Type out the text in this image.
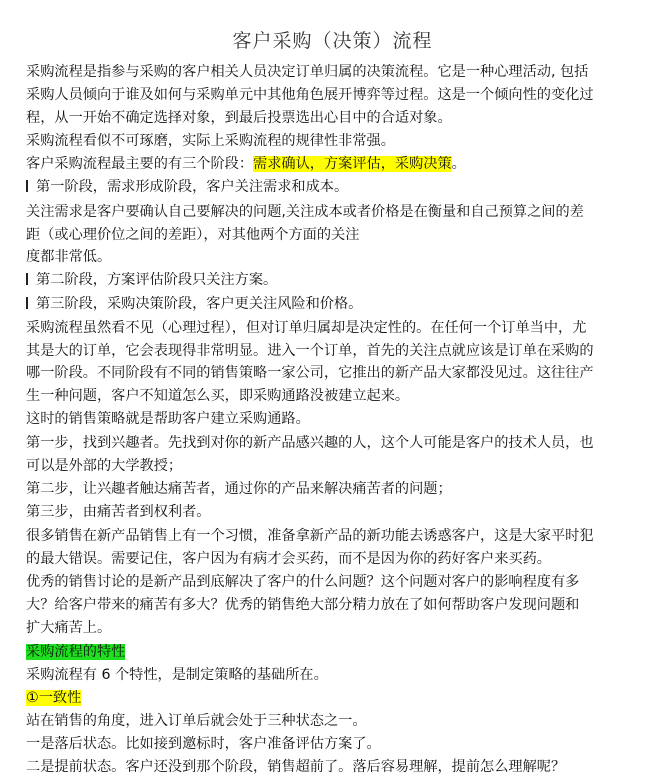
客户采购（决策）流程
采购流程是指参与采购的客户相关人员决定订单归属的决策流程。它是一种心理活动, 包括
采购人员倾向于谁及如何与采购单元中其他角色展开博弈等过程。这是一个倾向性的变化过
程，从一开始不确定选择对象，到最后投票选出心目中的合适对象。
采购流程看似不可琢磨，实际上采购流程的规律性非常强。
客户采购流程最主要的有三个阶段：需求确认，方案评估，采购决策。
第一阶段，需求形成阶段，客户关注需求和成本。
关注需求是客户要确认自己要解决的问题,关注成本或者价格是在衡量和自己预算之间的差
距（或心理价位之间的差距），对其他两个方面的关注
度都非常低。
第二阶段，方案评估阶段只关注方案。
第三阶段，采购决策阶段，客户更关注风险和价格。
采购流程虽然看不见（心理过程），但对订单归属却是决定性的。在任何一个订单当中，尤
其是大的订单，它会表现得非常明显。进入一个订单，首先的关注点就应该是订单在采购的
哪一阶段。不同阶段有不同的销售策略一家公司，它推出的新产品大家都没见过。这往往产
生一种问题，客户不知道怎么买，即采购通路没被建立起来。
这时的销售策略就是帮助客户建立采购通路。
第一步，找到兴趣者。先找到对你的新产品感兴趣的人，这个人可能是客户的技术人员，也
可以是外部的大学教授；
第二步，让兴趣者触达痛苦者，通过你的产品来解决痛苦者的问题；
第三步，由痛苦者到权利者。
很多销售在新产品销售上有一个习惯，准备拿新产品的新功能去诱惑客户，这是大家平时犯
的最大错误。需要记住，客户因为有病才会买药，而不是因为你的药好客户来买药。
优秀的销售讨论的是新产品到底解决了客户的什么问题？这个问题对客户的影响程度有多
大？给客户带来的痛苦有多大？优秀的销售绝大部分精力放在了如何帮助客户发现问题和
扩大痛苦上。
采购流程的特性
采购流程有 6 个特性，是制定策略的基础所在。
①一致性
站在销售的角度，进入订单后就会处于三种状态之一。
一是落后状态。比如接到邀标时，客户准备评估方案了。
二是提前状态。客户还没到那个阶段，销售超前了。落后容易理解，提前怎么理解呢？
